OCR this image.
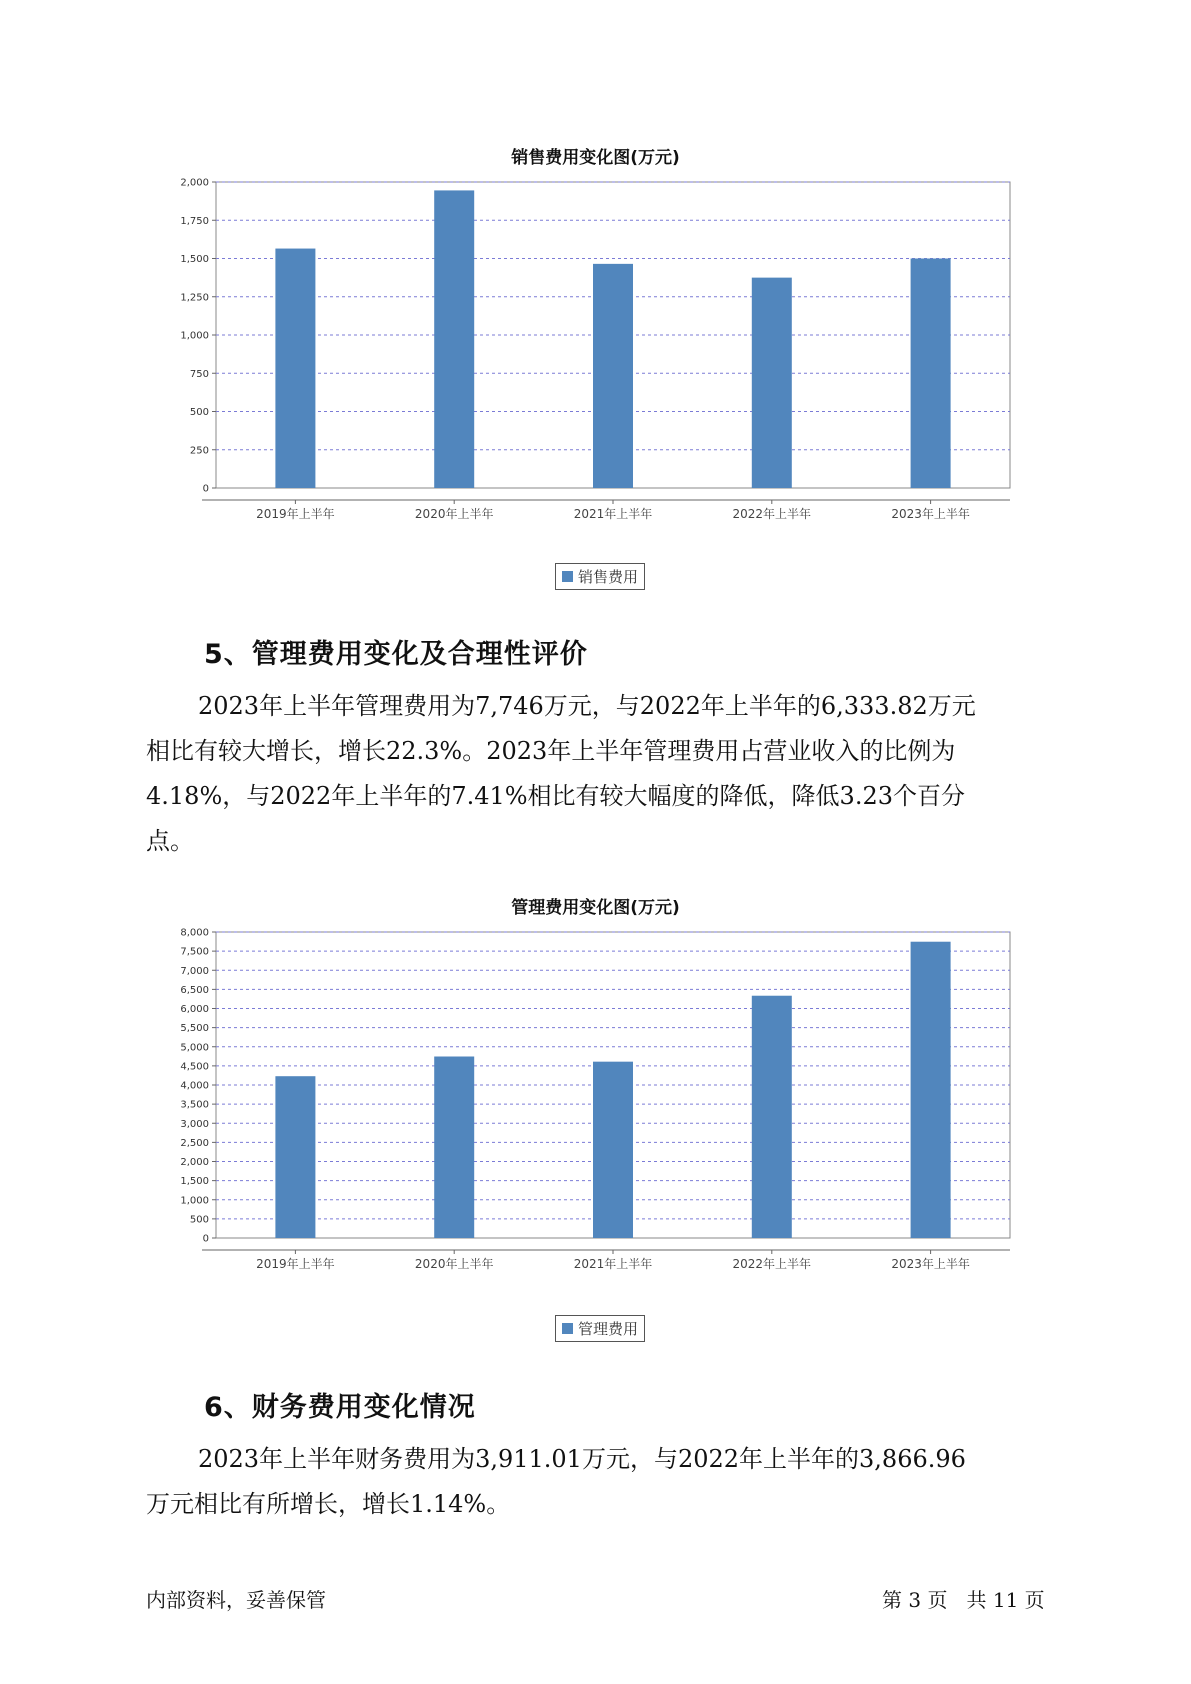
销售费用变化图(万元)
0
250
500
750
1,000
1,250
1,500
1,750
2,000
2019年上半年	2020年上半年	2021年上半年	2022年上半年	2023年上半年
销售费用
5、管理费用变化及合理性评价
2023年上半年管理费用为7,746万元，与2022年上半年的6,333.82万元
相比有较大增长，增长22.3%。2023年上半年管理费用占营业收入的比例为
4.18%，与2022年上半年的7.41%相比有较大幅度的降低，降低3.23个百分
点。
管理费用变化图(万元)
0
500
1,000
1,500
2,000
2,500
3,000
3,500
4,000
4,500
5,000
5,500
6,000
6,500
7,000
7,500
8,000
2019年上半年	2020年上半年	2021年上半年	2022年上半年	2023年上半年
管理费用
6、财务费用变化情况
2023年上半年财务费用为3,911.01万元，与2022年上半年的3,866.96
万元相比有所增长，增长1.14%。
内部资料，妥善保管	第 3 页   共 11 页
